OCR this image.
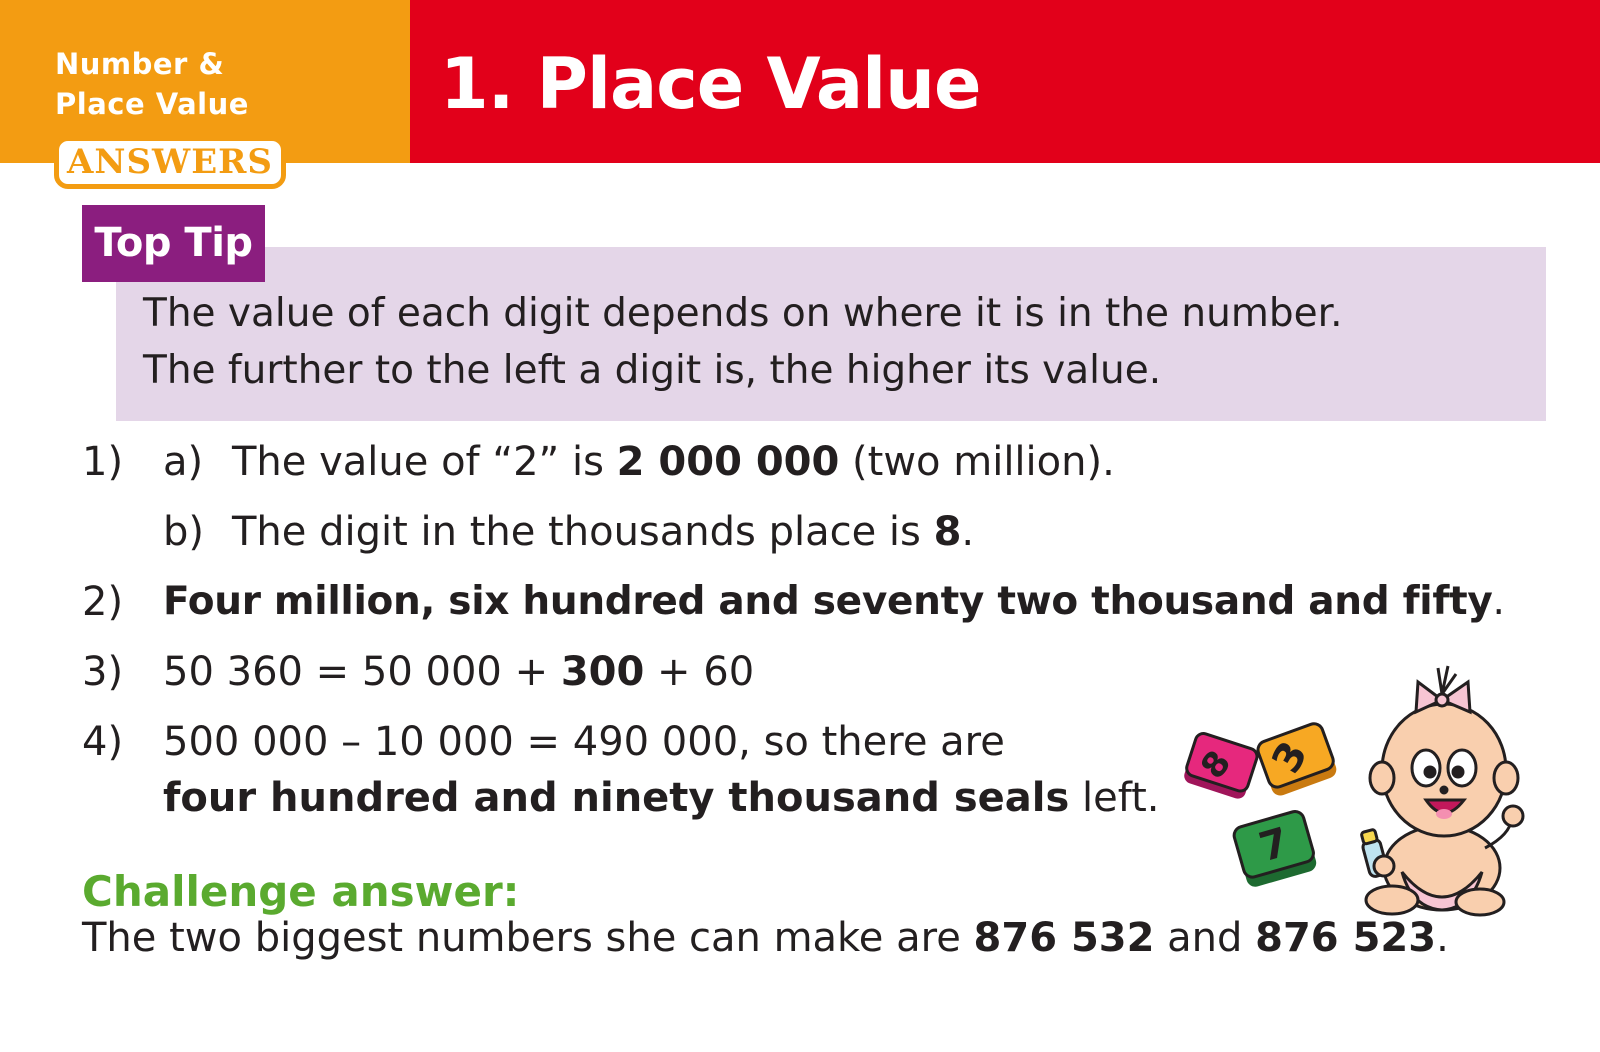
Number &
Place Value
ANSWERS
1. Place Value
Top Tip
The value of each digit depends on where it is in the number.
The further to the left a digit is, the higher its value.
1) a) The value of “2” is 2 000 000 (two million).
b) The digit in the thousands place is 8.
2) Four million, six hundred and seventy two thousand and fifty.
3) 50 360 = 50 000 + 300 + 60
4) 500 000 – 10 000 = 490 000, so there are
four hundred and ninety thousand seals left.
Challenge answer:
The two biggest numbers she can make are 876 532 and 876 523.
8 3
7
